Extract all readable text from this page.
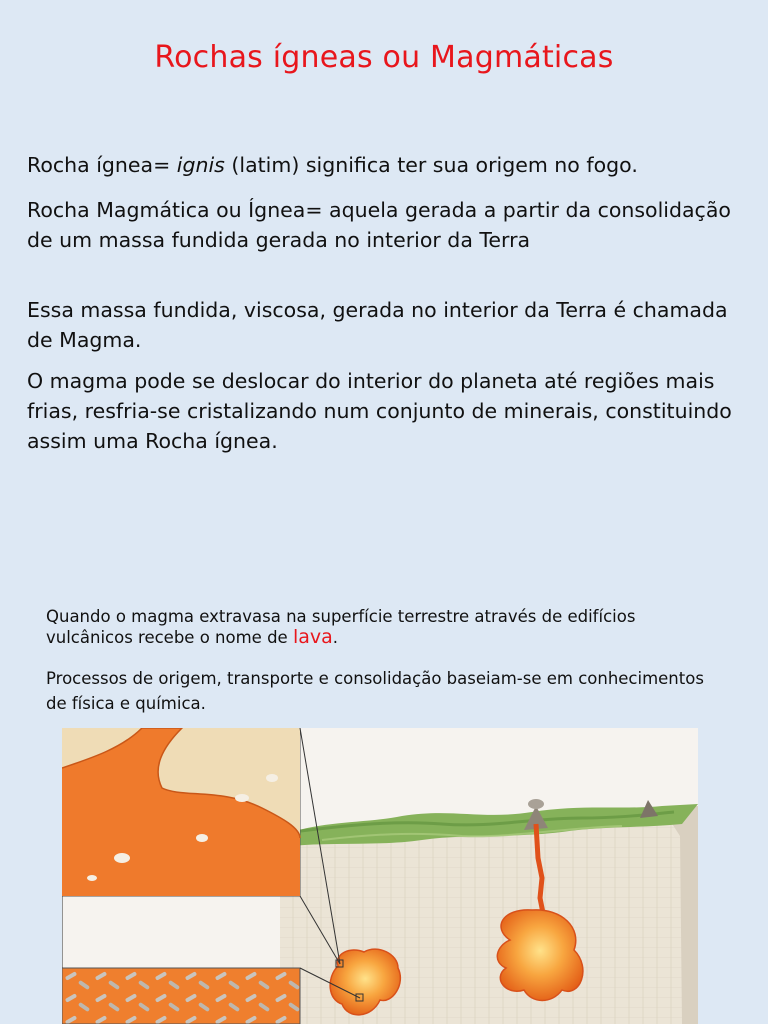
Rochas ígneas ou Magmáticas
Rocha ígnea= ignis (latim) significa ter sua origem no fogo.
Rocha Magmática ou Ígnea= aquela gerada a partir da consolidação de um massa fundida gerada no interior da Terra
Essa massa fundida, viscosa, gerada no interior da Terra é chamada de Magma.
O magma pode se deslocar do interior do planeta até regiões mais frias, resfria-se cristalizando num conjunto de minerais, constituindo assim uma Rocha ígnea.
Quando o magma extravasa na superfície terrestre através de edifícios vulcânicos recebe o nome de lava.
Processos de origem, transporte e consolidação baseiam-se em conhecimentos de física e química.
